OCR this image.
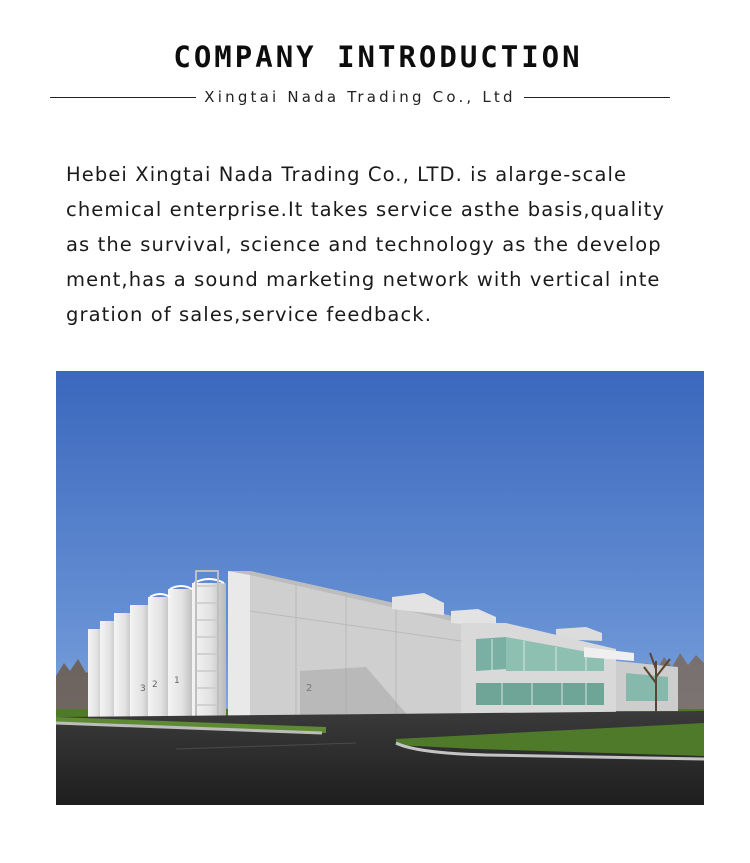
COMPANY INTRODUCTION
Xingtai Nada Trading Co., Ltd

Hebei Xingtai Nada Trading Co., LTD. is alarge-scale
chemical enterprise.It takes service asthe basis,quality
as the survival, science and technology as the develop
ment,has a sound marketing network with vertical inte
gration of sales,service feedback.

3 2 1
2
